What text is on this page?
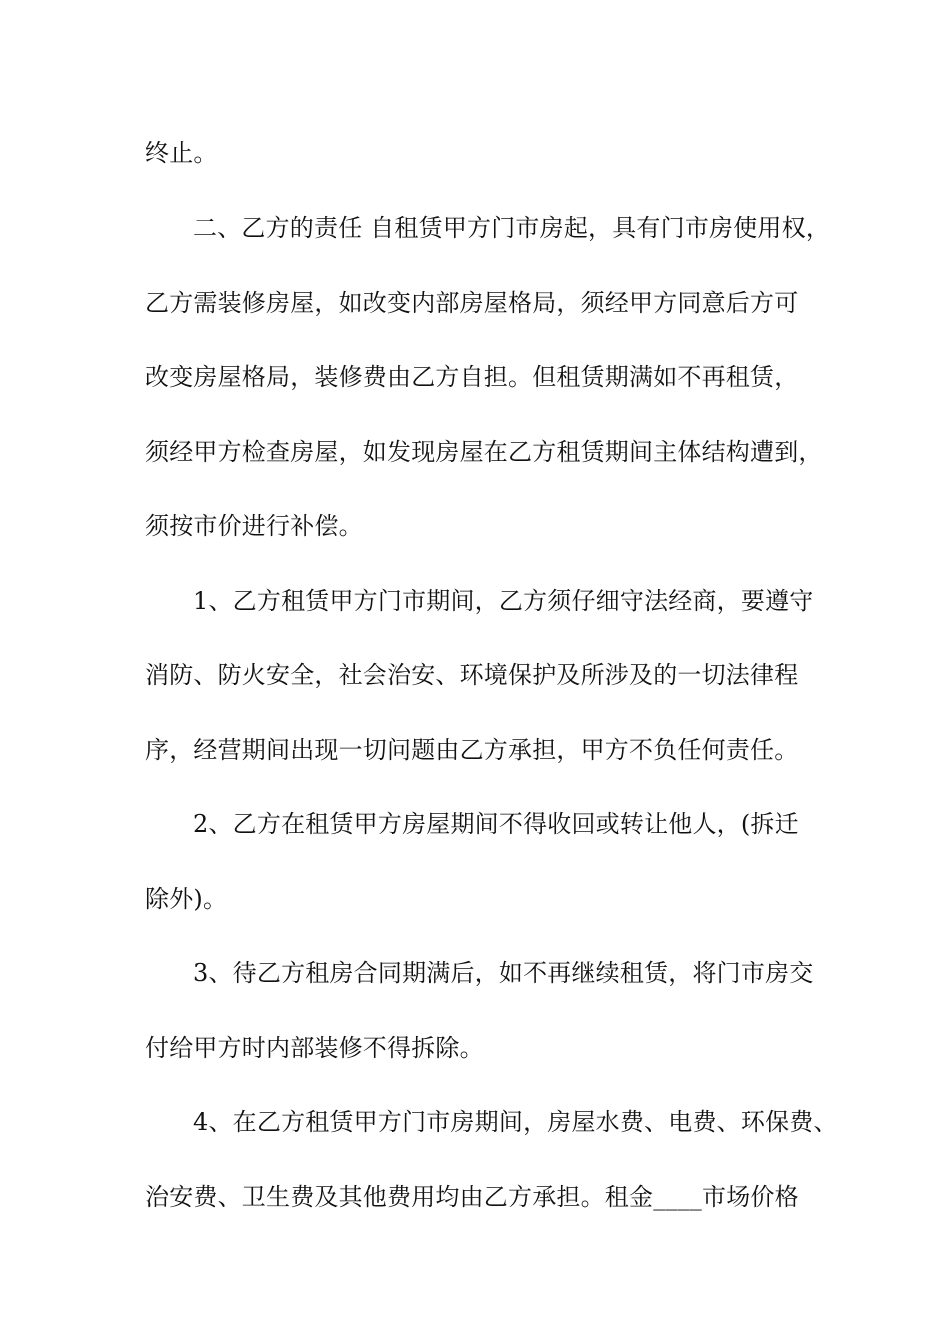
终止。
二、乙方的责任 自租赁甲方门市房起，具有门市房使用权，
乙方需装修房屋，如改变内部房屋格局，须经甲方同意后方可
改变房屋格局，装修费由乙方自担。但租赁期满如不再租赁，
须经甲方检查房屋，如发现房屋在乙方租赁期间主体结构遭到，
须按市价进行补偿。
1、乙方租赁甲方门市期间，乙方须仔细守法经商，要遵守
消防、防火安全，社会治安、环境保护及所涉及的一切法律程
序，经营期间出现一切问题由乙方承担，甲方不负任何责任。
2、乙方在租赁甲方房屋期间不得收回或转让他人，(拆迁
除外)。
3、待乙方租房合同期满后，如不再继续租赁，将门市房交
付给甲方时内部装修不得拆除。
4、在乙方租赁甲方门市房期间，房屋水费、电费、环保费、
治安费、卫生费及其他费用均由乙方承担。租金____市场价格
